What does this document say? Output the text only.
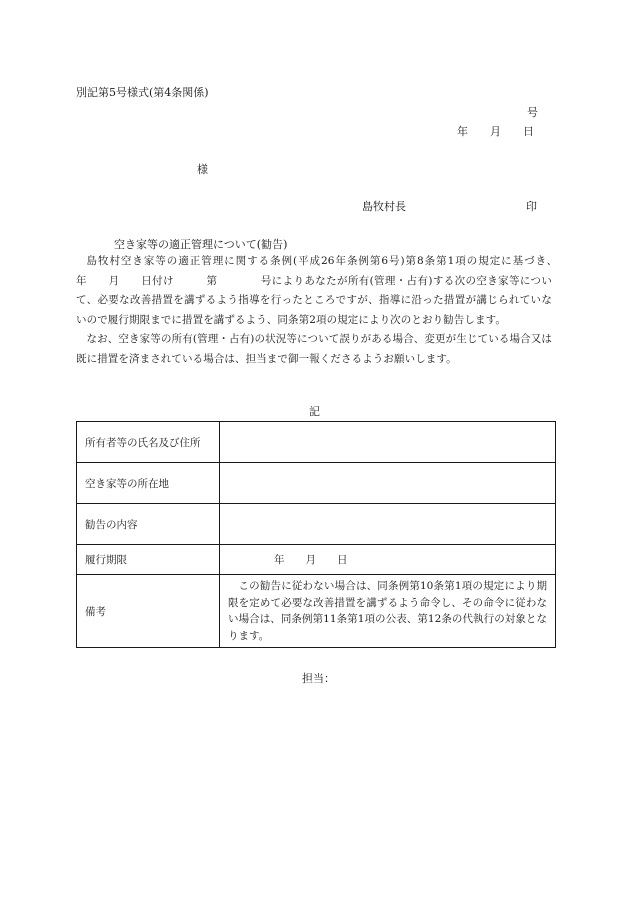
別記第5号様式(第4条関係)
号
年　　月　　日
様
島牧村長	印
空き家等の適正管理について(勧告)

島牧村空き家等の適正管理に関する条例(平成26年条例第6号)第8条第1項の規定に基づき、　　　　年　　月　　日付け　　　第　　　　号によりあなたが所有(管理・占有)する次の空き家等について、必要な改善措置を講ずるよう指導を行ったところですが、指導に沿った措置が講じられていないので履行期限までに措置を講ずるよう、同条第2項の規定により次のとおり勧告します。

なお、空き家等の所有(管理・占有)の状況等について誤りがある場合、変更が生じている場合又は既に措置を済まされている場合は、担当まで御一報くださるようお願いします。

記
所有者等の氏名及び住所	
空き家等の所在地	
勧告の内容	
履行期限	年　　月　　日
備考	この勧告に従わない場合は、同条例第10条第1項の規定により期限を定めて必要な改善措置を講ずるよう命令し、その命令に従わない場合は、同条例第11条第1項の公表、第12条の代執行の対象となります。

担当：
